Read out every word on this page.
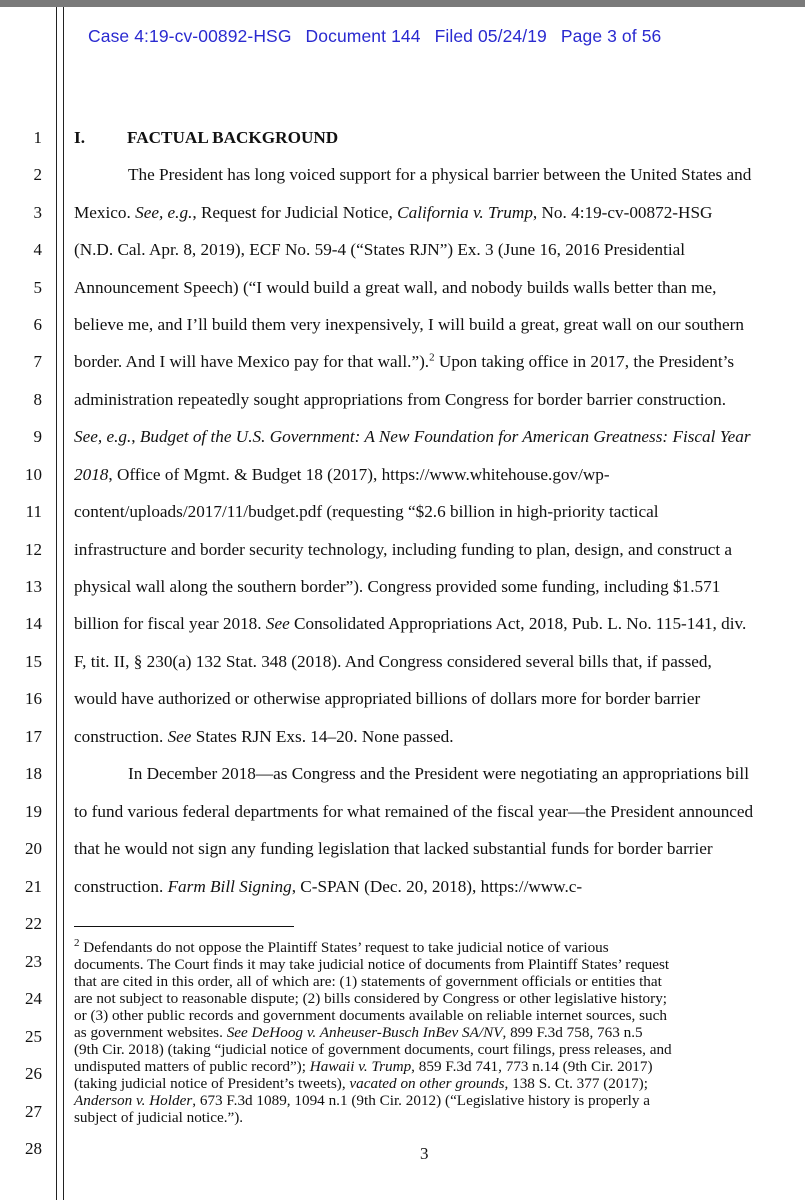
Case 4:19-cv-00892-HSG Document 144 Filed 05/24/19 Page 3 of 56
1
2
3
4
5
6
7
8
9
10
11
12
13
14
15
16
17
18
19
20
21
22
23
24
25
26
27
28
I. FACTUAL BACKGROUND
The President has long voiced support for a physical barrier between the United States and
Mexico. See, e.g., Request for Judicial Notice, California v. Trump, No. 4:19-cv-00872-HSG
(N.D. Cal. Apr. 8, 2019), ECF No. 59-4 (“States RJN”) Ex. 3 (June 16, 2016 Presidential
Announcement Speech) (“I would build a great wall, and nobody builds walls better than me,
believe me, and I’ll build them very inexpensively, I will build a great, great wall on our southern
border. And I will have Mexico pay for that wall.”).$^2$ Upon taking office in 2017, the President’s
administration repeatedly sought appropriations from Congress for border barrier construction.
See, e.g., Budget of the U.S. Government: A New Foundation for American Greatness: Fiscal Year
2018, Office of Mgmt. & Budget 18 (2017), https://www.whitehouse.gov/wp-
content/uploads/2017/11/budget.pdf (requesting “$2.6 billion in high-priority tactical
infrastructure and border security technology, including funding to plan, design, and construct a
physical wall along the southern border”). Congress provided some funding, including $1.571
billion for fiscal year 2018. See Consolidated Appropriations Act, 2018, Pub. L. No. 115-141, div.
F, tit. II, § 230(a) 132 Stat. 348 (2018). And Congress considered several bills that, if passed,
would have authorized or otherwise appropriated billions of dollars more for border barrier
construction. See States RJN Exs. 14–20. None passed.
In December 2018—as Congress and the President were negotiating an appropriations bill
to fund various federal departments for what remained of the fiscal year—the President announced
that he would not sign any funding legislation that lacked substantial funds for border barrier
construction. Farm Bill Signing, C-SPAN (Dec. 20, 2018), https://www.c-
$^2$ Defendants do not oppose the Plaintiff States’ request to take judicial notice of various
documents. The Court finds it may take judicial notice of documents from Plaintiff States’ request
that are cited in this order, all of which are: (1) statements of government officials or entities that
are not subject to reasonable dispute; (2) bills considered by Congress or other legislative history;
or (3) other public records and government documents available on reliable internet sources, such
as government websites. See DeHoog v. Anheuser-Busch InBev SA/NV, 899 F.3d 758, 763 n.5
(9th Cir. 2018) (taking “judicial notice of government documents, court filings, press releases, and
undisputed matters of public record”); Hawaii v. Trump, 859 F.3d 741, 773 n.14 (9th Cir. 2017)
(taking judicial notice of President’s tweets), vacated on other grounds, 138 S. Ct. 377 (2017);
Anderson v. Holder, 673 F.3d 1089, 1094 n.1 (9th Cir. 2012) (“Legislative history is properly a
subject of judicial notice.”).
3
